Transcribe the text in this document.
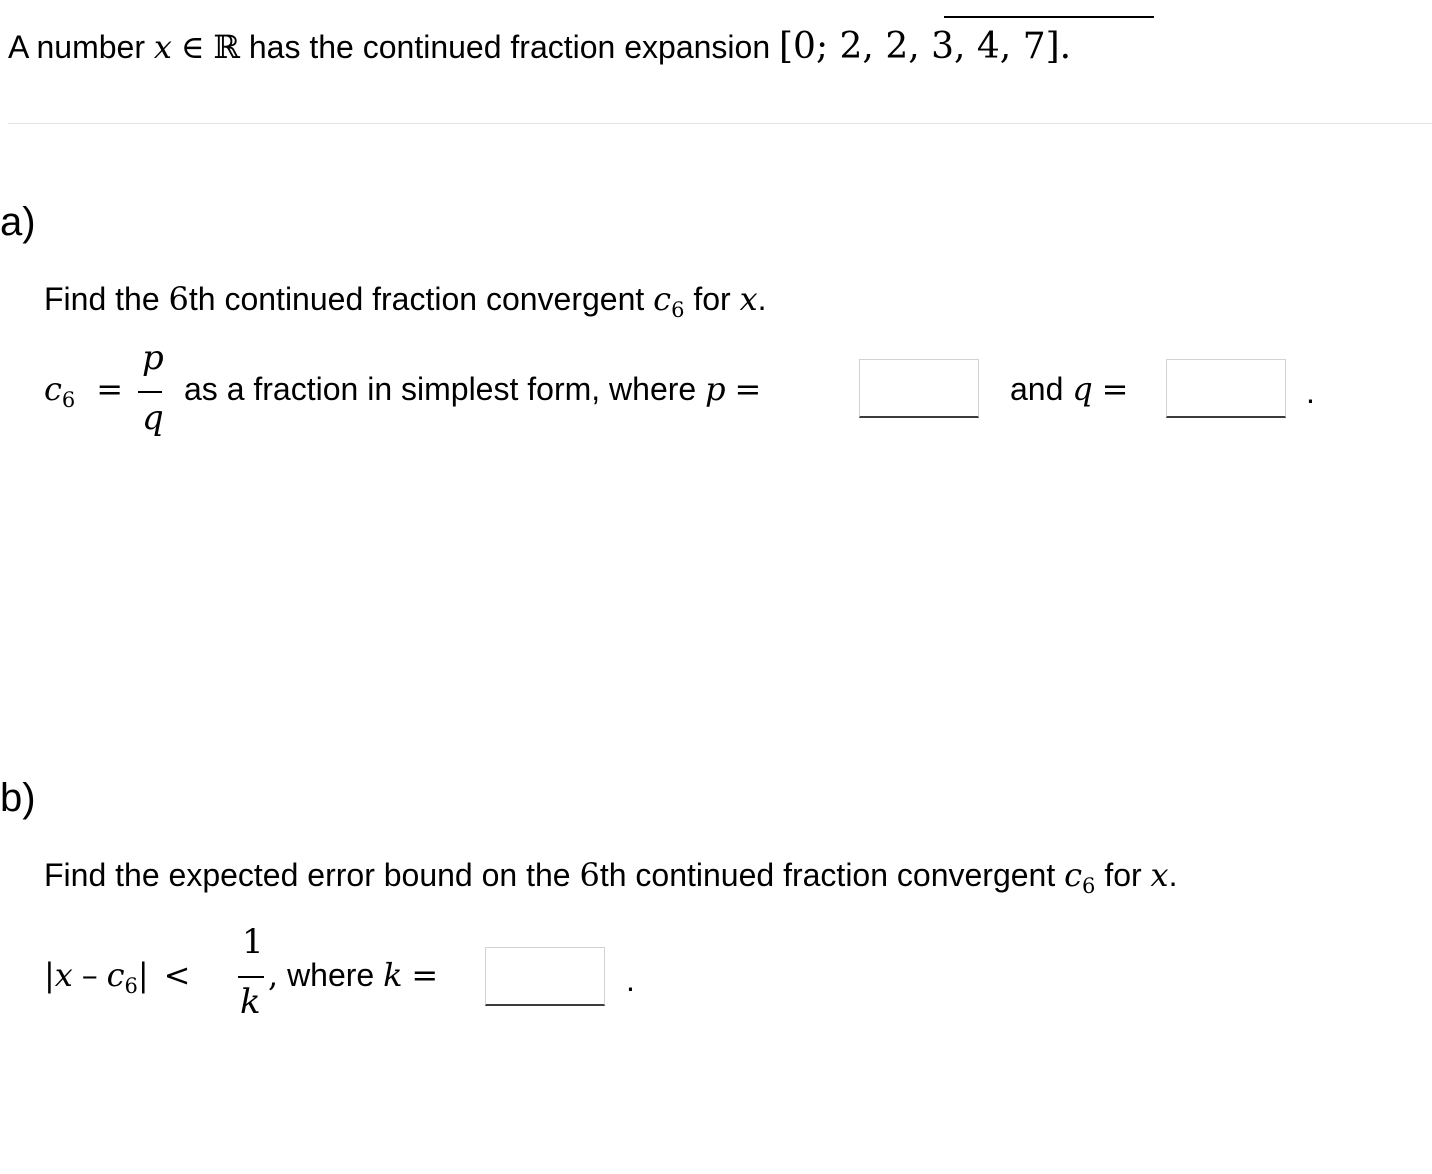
A number x ∈ ℝ has the continued fraction expansion [0; 2, 2, 3, 4, 7].
a)
Find the 6th continued fraction convergent $c_6$ for x.
$c_6$ =
p
q
as a fraction in simplest form, where p =	and q =	.
b)
Find the expected error bound on the 6th continued fraction convergent $c_6$ for x.
$|x - c_6|$ <
1
k
, where k =	.
